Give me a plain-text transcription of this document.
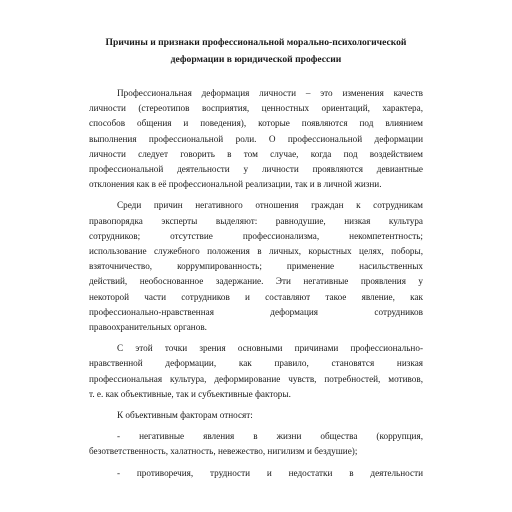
Причины и признаки профессиональной морально-психологической
деформации в юридической профессии
Профессиональная деформация личности – это изменения качеств
личности (стереотипов восприятия, ценностных ориентаций, характера,
способов общения и поведения), которые появляются под влиянием
выполнения профессиональной роли. О профессиональной деформации
личности следует говорить в том случае, когда под воздействием
профессиональной деятельности у личности проявляются девиантные
отклонения как в её профессиональной реализации, так и в личной жизни.
Среди причин негативного отношения граждан к сотрудникам
правопорядка эксперты выделяют: равнодушие, низкая культура
сотрудников; отсутствие профессионализма, некомпетентность;
использование служебного положения в личных, корыстных целях, поборы,
взяточничество, коррумпированность; применение насильственных
действий, необоснованное задержание. Эти негативные проявления у
некоторой части сотрудников и составляют такое явление, как
профессионально-нравственная деформация сотрудников
правоохранительных органов.
С этой точки зрения основными причинами профессионально-
нравственной деформации, как правило, становятся низкая
профессиональная культура, деформирование чувств, потребностей, мотивов,
т. е. как объективные, так и субъективные факторы.
К объективным факторам относят:
- негативные явления в жизни общества (коррупция,
безответственность, халатность, невежество, нигилизм и бездушие);
- противоречия, трудности и недостатки в деятельности
